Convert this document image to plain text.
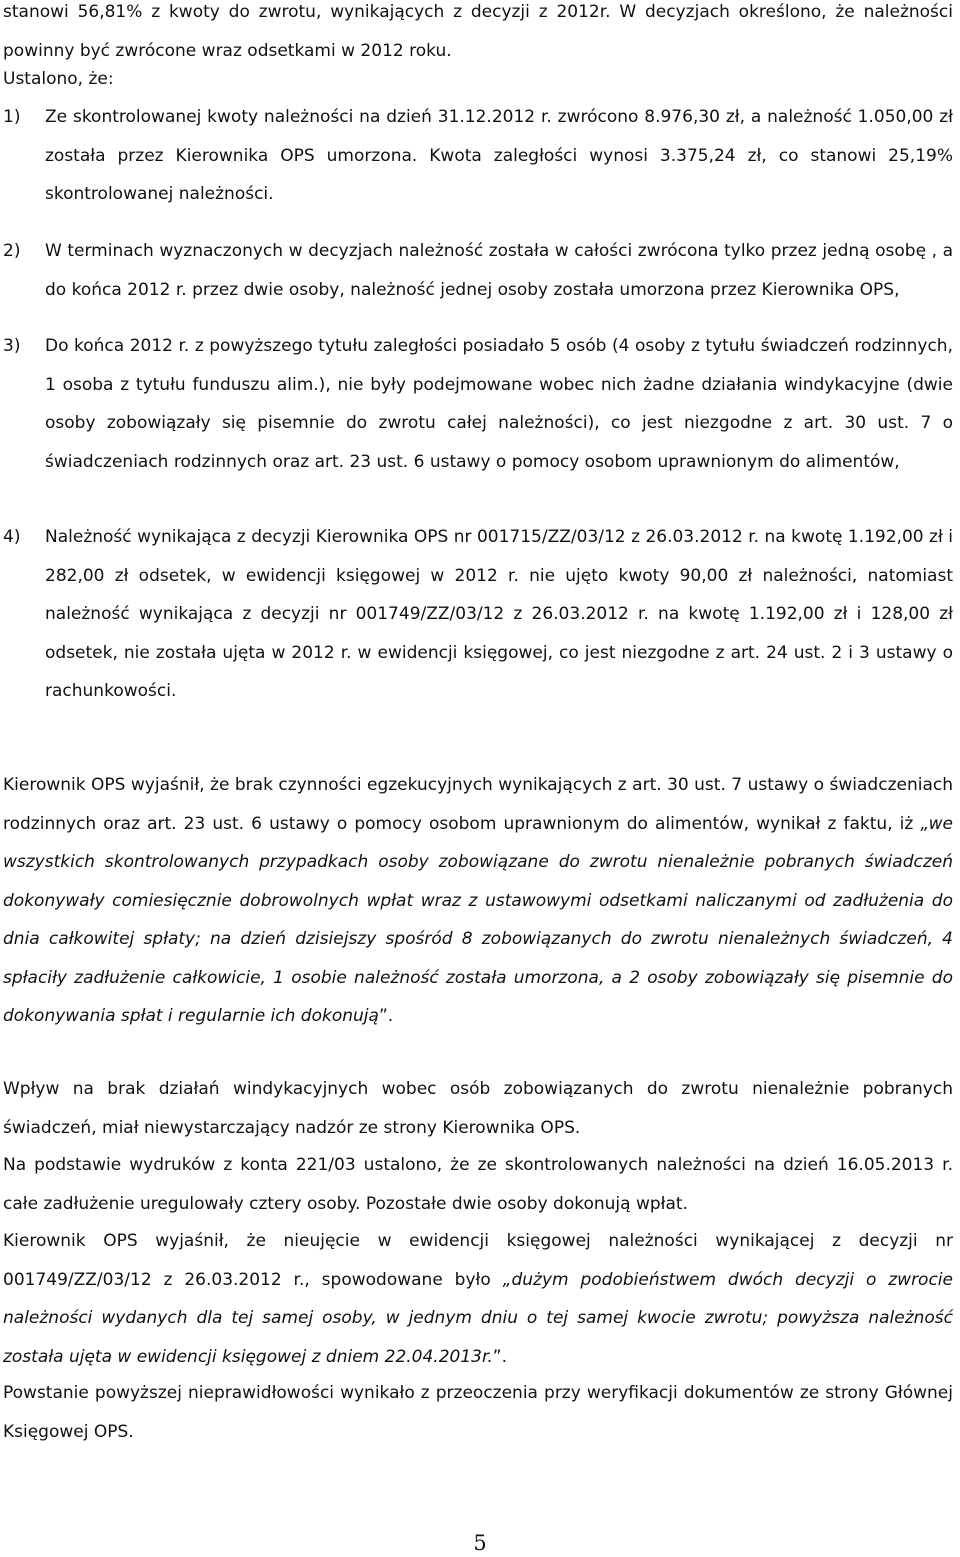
stanowi 56,81% z kwoty do zwrotu, wynikających z decyzji z 2012r. W decyzjach określono, że należności powinny być zwrócone wraz odsetkami w 2012 roku.

Ustalono, że:

1)	Ze skontrolowanej kwoty należności na dzień 31.12.2012 r. zwrócono 8.976,30 zł, a należność 1.050,00 zł została przez Kierownika OPS umorzona. Kwota zaległości wynosi 3.375,24 zł, co stanowi 25,19% skontrolowanej należności.
2)	W terminach wyznaczonych w decyzjach należność została w całości zwrócona tylko przez jedną osobę , a do końca 2012 r. przez dwie osoby, należność jednej osoby została umorzona przez Kierownika OPS,
3)	Do końca 2012 r. z powyższego tytułu zaległości posiadało 5 osób (4 osoby z tytułu świadczeń rodzinnych, 1 osoba z tytułu funduszu alim.), nie były podejmowane wobec nich żadne działania windykacyjne (dwie osoby zobowiązały się pisemnie do zwrotu całej należności), co jest niezgodne z art. 30 ust. 7 o świadczeniach rodzinnych oraz art. 23 ust. 6 ustawy o pomocy osobom uprawnionym do alimentów,
4)	Należność wynikająca z decyzji Kierownika OPS nr 001715/ZZ/03/12 z 26.03.2012 r. na kwotę 1.192,00 zł i 282,00 zł odsetek, w ewidencji księgowej w 2012 r. nie ujęto kwoty 90,00 zł należności, natomiast należność wynikająca z decyzji nr 001749/ZZ/03/12 z 26.03.2012 r. na kwotę 1.192,00 zł i 128,00 zł odsetek, nie została ujęta w 2012 r. w ewidencji księgowej, co jest niezgodne z art. 24 ust. 2 i 3 ustawy o rachunkowości.

Kierownik OPS wyjaśnił, że brak czynności egzekucyjnych wynikających z art. 30 ust. 7 ustawy o świadczeniach rodzinnych oraz art. 23 ust. 6 ustawy o pomocy osobom uprawnionym do alimentów, wynikał z faktu, iż „we wszystkich skontrolowanych przypadkach osoby zobowiązane do zwrotu nienależnie pobranych świadczeń dokonywały comiesięcznie dobrowolnych wpłat wraz z ustawowymi odsetkami naliczanymi od zadłużenia do dnia całkowitej spłaty; na dzień dzisiejszy spośród 8 zobowiązanych do zwrotu nienależnych świadczeń, 4 spłaciły zadłużenie całkowicie, 1 osobie należność została umorzona, a 2 osoby zobowiązały się pisemnie do dokonywania spłat i regularnie ich dokonują”.

Wpływ na brak działań windykacyjnych wobec osób zobowiązanych do zwrotu nienależnie pobranych świadczeń, miał niewystarczający nadzór ze strony Kierownika OPS.

Na podstawie wydruków z konta 221/03 ustalono, że ze skontrolowanych należności na dzień 16.05.2013 r. całe zadłużenie uregulowały cztery osoby. Pozostałe dwie osoby dokonują wpłat.

Kierownik OPS wyjaśnił, że nieujęcie w ewidencji księgowej należności wynikającej z decyzji nr 001749/ZZ/03/12 z 26.03.2012 r., spowodowane było „dużym podobieństwem dwóch decyzji o zwrocie należności wydanych dla tej samej osoby, w jednym dniu o tej samej kwocie zwrotu; powyższa należność została ujęta w ewidencji księgowej z dniem 22.04.2013r.”.

Powstanie powyższej nieprawidłowości wynikało z przeoczenia przy weryfikacji dokumentów ze strony Głównej Księgowej OPS.

5
